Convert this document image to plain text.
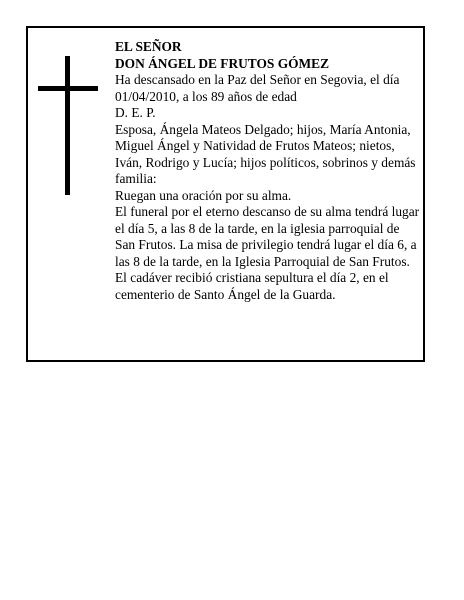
EL SEÑOR

DON ÁNGEL DE FRUTOS GÓMEZ

Ha descansado en la Paz del Señor en Segovia, el día 01/04/2010, a los 89 años de edad

D. E. P.

Esposa, Ángela Mateos Delgado; hijos, María Antonia, Miguel Ángel y Natividad de Frutos Mateos; nietos, Iván, Rodrigo y Lucía; hijos políticos, sobrinos y demás familia:

Ruegan una oración por su alma.

El funeral por el eterno descanso de su alma tendrá lugar el día 5, a las 8 de la tarde, en la iglesia parroquial de San Frutos. La misa de privilegio tendrá lugar el día 6, a las 8 de la tarde, en la Iglesia Parroquial de San Frutos. El cadáver recibió cristiana sepultura el día 2, en el cementerio de Santo Ángel de la Guarda.
